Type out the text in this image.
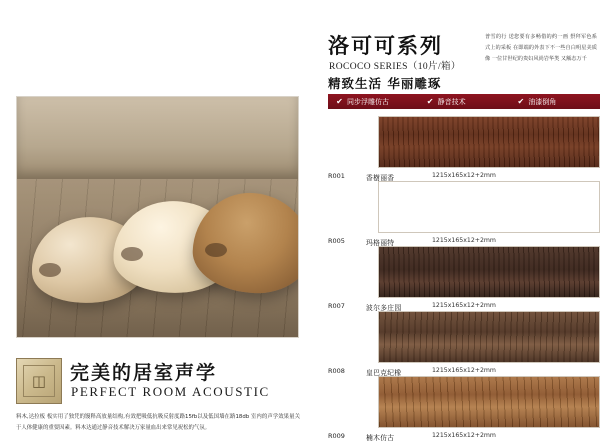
◫	完美的居室声学
PERFECT ROOM ACOUSTIC
料木,达拉板 板实用了独凭的馒释高放量结构,有效把吸低抗吸反射度路15fb以及低国墙在路18db 室内的声学效果量关于人体健康的重要因素。料木达通过静音技术解决万家量血出来常见祝松的气氛。
洛可可系列
ROCOCO SERIES（10片/箱）
精致生活 华丽雕琢
普雪的行 送您要有多畅借的约一画 摂拜军色系式上的采板 在即端的外表下不一些自白明星美质像 一位甘世纪的贵妇风尚岩华类 又额态万千
✔ 同步浮雕仿古	✔ 静音技术	✔ 油漆倒角
R001	香樹丽香	1215x165x12+2mm
R005	玛格丽特	1215x165x12+2mm
R007	波尔多庄园	1215x165x12+2mm
R008	皇巴克纪橡	1215x165x12+2mm
R009	楠木仿古	1215x165x12+2mm
